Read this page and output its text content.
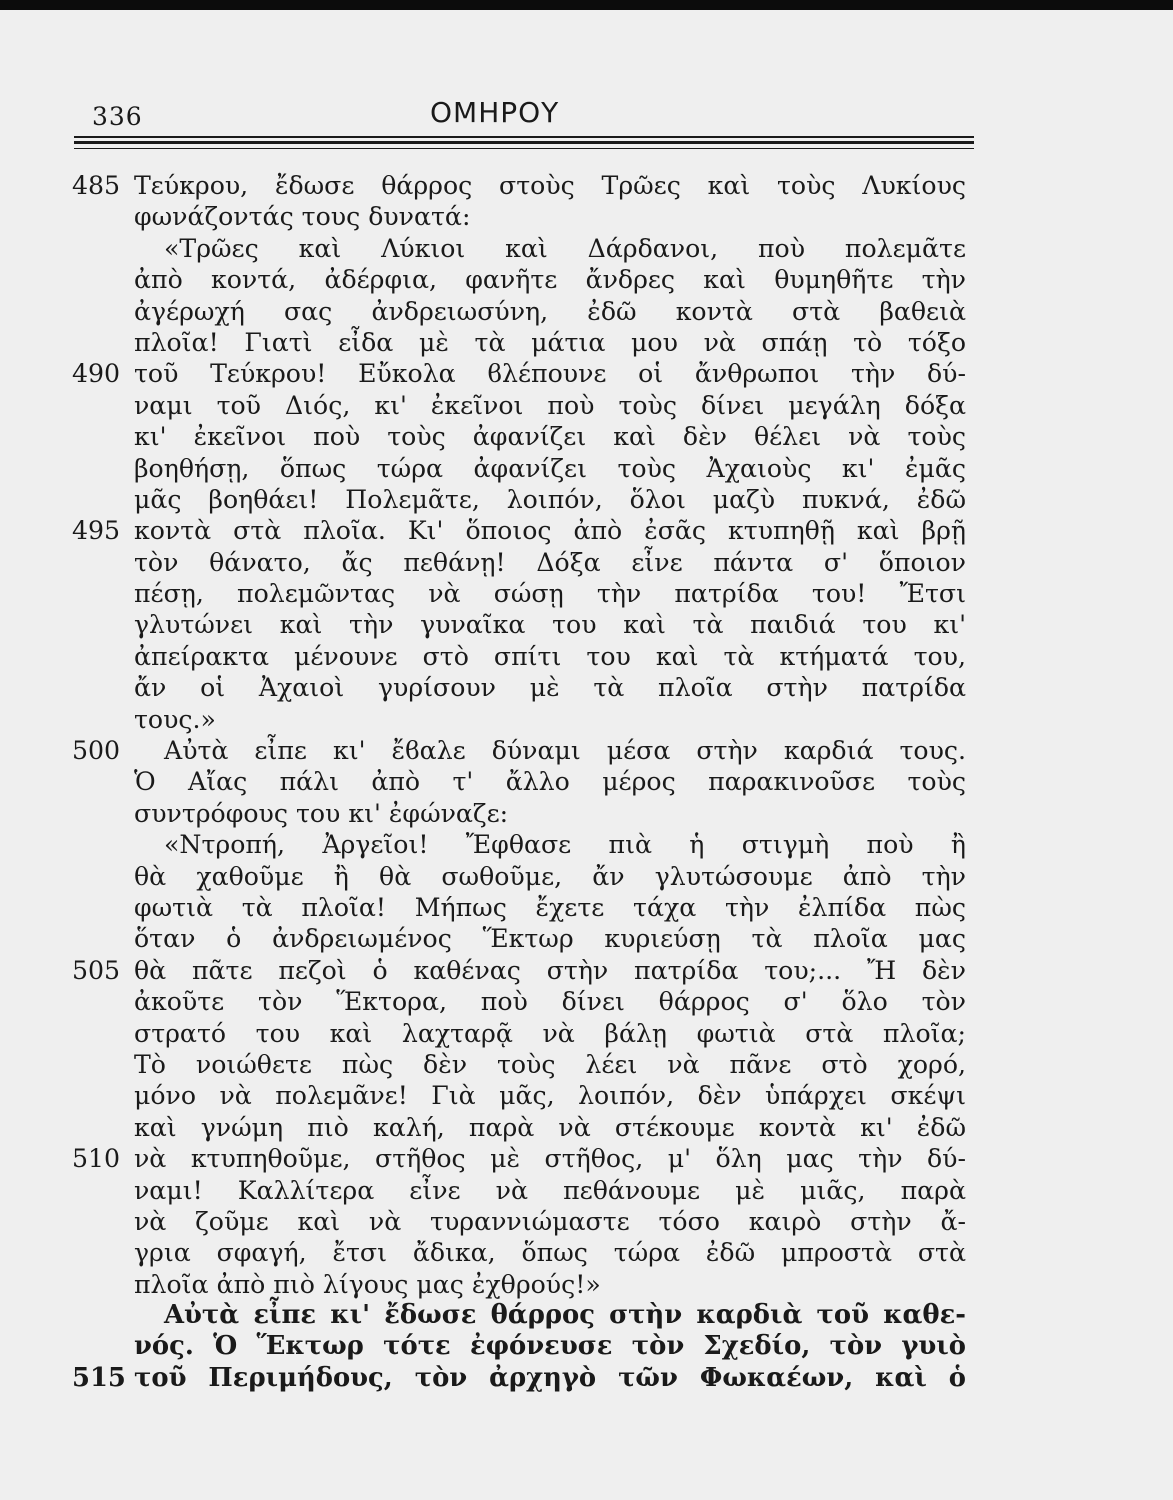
336	ΟΜΗΡΟΥ
485 Τεύκρου, ἔδωσε θάρρος στοὺς Τρῶες καὶ τοὺς Λυκίους
φωνάζοντάς τους δυνατά:
«Τρῶες καὶ Λύκιοι καὶ Δάρδανοι, ποὺ πολεμᾶτε
ἀπὸ κοντά, ἀδέρφια, φανῆτε ἄνδρες καὶ θυμηθῆτε τὴν
ἀγέρωχή σας ἀνδρειωσύνη, ἐδῶ κοντὰ στὰ βαθειὰ
πλοῖα! Γιατὶ εἶδα μὲ τὰ μάτια μου νὰ σπάῃ τὸ τόξο
490 τοῦ Τεύκρου! Εὔκολα ϐλέπουνε οἱ ἄνθρωποι τὴν δύ-
ναμι τοῦ Διός, κι' ἐκεῖνοι ποὺ τοὺς δίνει μεγάλη δόξα
κι' ἐκεῖνοι ποὺ τοὺς ἀφανίζει καὶ δὲν θέλει νὰ τοὺς
βοηθήσῃ, ὅπως τώρα ἀφανίζει τοὺς Ἀχαιοὺς κι' ἐμᾶς
μᾶς βοηθάει! Πολεμᾶτε, λοιπόν, ὅλοι μαζὺ πυκνά, ἐδῶ
495 κοντὰ στὰ πλοῖα. Κι' ὅποιος ἀπὸ ἐσᾶς κτυπηθῇ καὶ βρῇ
τὸν θάνατο, ἄς πεθάνῃ! Δόξα εἶνε πάντα σ' ὅποιον
πέσῃ, πολεμῶντας νὰ σώσῃ τὴν πατρίδα του! Ἔτσι
γλυτώνει καὶ τὴν γυναῖκα του καὶ τὰ παιδιά του κι'
ἀπείρακτα μένουνε στὸ σπίτι του καὶ τὰ κτήματά του,
ἄν οἱ Ἀχαιοὶ γυρίσουν μὲ τὰ πλοῖα στὴν πατρίδα
τους.»
500	Αὐτὰ εἶπε κι' ἔϐαλε δύναμι μέσα στὴν καρδιά τους.
Ὁ Αἴας πάλι ἀπὸ τ' ἄλλο μέρος παρακινοῦσε τοὺς
συντρόφους του κι' ἐφώναζε:
«Ντροπή, Ἀργεῖοι! Ἔφθασε πιὰ ἡ στιγμὴ ποὺ ἢ
θὰ χαθοῦμε ἢ θὰ σωθοῦμε, ἄν γλυτώσουμε ἀπὸ τὴν
φωτιὰ τὰ πλοῖα! Μήπως ἔχετε τάχα τὴν ἐλπίδα πὼς
ὅταν ὁ ἀνδρειωμένος Ἕκτωρ κυριεύσῃ τὰ πλοῖα μας
505 θὰ πᾶτε πεζοὶ ὁ καθένας στὴν πατρίδα του;... Ἤ δὲν
ἀκοῦτε τὸν Ἕκτορα, ποὺ δίνει θάρρος σ' ὅλο τὸν
στρατό του καὶ λαχταρᾷ νὰ βάλῃ φωτιὰ στὰ πλοῖα;
Τὸ νοιώθετε πὼς δὲν τοὺς λέει νὰ πᾶνε στὸ χορό,
μόνο νὰ πολεμᾶνε! Γιὰ μᾶς, λοιπόν, δὲν ὑπάρχει σκέψι
καὶ γνώμη πιὸ καλή, παρὰ νὰ στέκουμε κοντὰ κι' ἐδῶ
510 νὰ κτυπηθοῦμε, στῆθος μὲ στῆθος, μ' ὅλη μας τὴν δύ-
ναμι! Καλλίτερα εἶνε νὰ πεθάνουμε μὲ μιᾶς, παρὰ
νὰ ζοῦμε καὶ νὰ τυραννιώμαστε τόσο καιρὸ στὴν ἄ-
γρια σφαγή, ἔτσι ἄδικα, ὅπως τώρα ἐδῶ μπροστὰ στὰ
πλοῖα ἀπὸ πιὸ λίγους μας ἐχθρούς!»
Αὐτὰ εἶπε κι' ἔδωσε θάρρος στὴν καρδιὰ τοῦ καθε-
νός. Ὁ Ἕκτωρ τότε ἐφόνευσε τὸν Σχεδίο, τὸν γυιὸ
515 τοῦ Περιμήδους, τὸν ἀρχηγὸ τῶν Φωκαέων, καὶ ὁ
